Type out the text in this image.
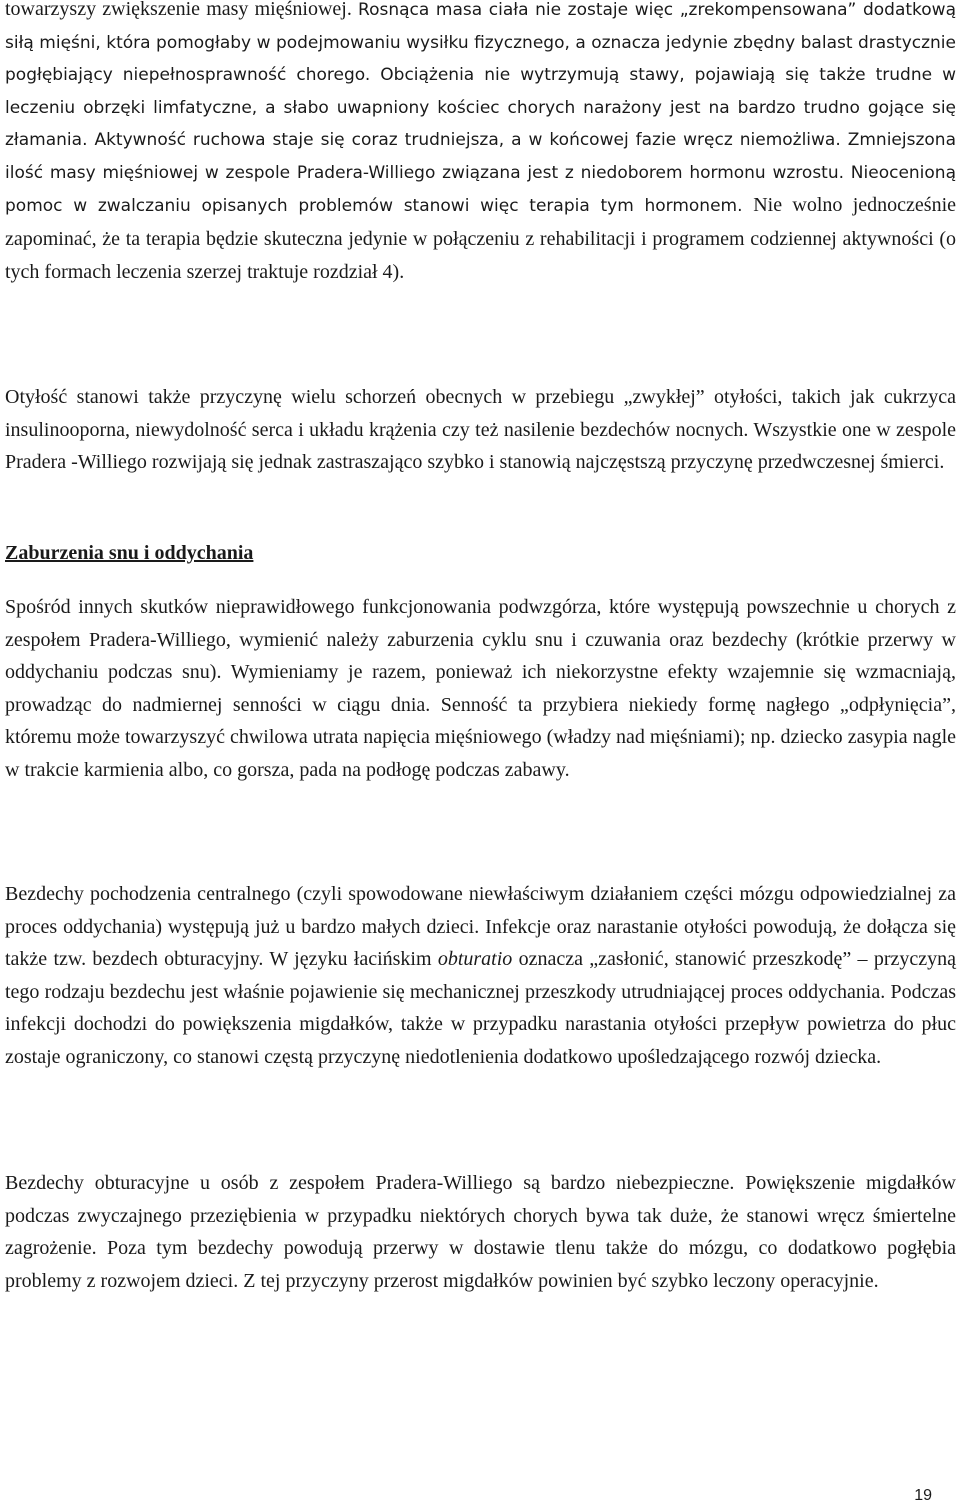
towarzyszy zwiększenie masy mięśniowej. Rosnąca masa ciała nie zostaje więc „zrekompensowana” dodatkową siłą mięśni, która pomogłaby w podejmowaniu wysiłku fizycznego, a oznacza jedynie zbędny balast drastycznie pogłębiający niepełnosprawność chorego. Obciążenia nie wytrzymują stawy, pojawiają się także trudne w leczeniu obrzęki limfatyczne, a słabo uwapniony kościec chorych narażony jest na bardzo trudno gojące się złamania. Aktywność ruchowa staje się coraz trudniejsza, a w końcowej fazie wręcz niemożliwa. Zmniejszona ilość masy mięśniowej w zespole Pradera-Williego związana jest z niedoborem hormonu wzrostu. Nieocenioną pomoc w zwalczaniu opisanych problemów stanowi więc terapia tym hormonem. Nie wolno jednocześnie zapominać, że ta terapia będzie skuteczna jedynie w połączeniu z rehabilitacji i programem codziennej aktywności (o tych formach leczenia szerzej traktuje rozdział 4).

Otyłość stanowi także przyczynę wielu schorzeń obecnych w przebiegu „zwykłej” otyłości, takich jak cukrzyca insulinooporna, niewydolność serca i układu krążenia czy też nasilenie bezdechów nocnych. Wszystkie one w zespole Pradera -Williego rozwijają się jednak zastraszająco szybko i stanowią najczęstszą przyczynę przedwczesnej śmierci.

Zaburzenia snu i oddychania

Spośród innych skutków nieprawidłowego funkcjonowania podwzgórza, które występują powszechnie u chorych z zespołem Pradera-Williego, wymienić należy zaburzenia cyklu snu i czuwania oraz bezdechy (krótkie przerwy w oddychaniu podczas snu). Wymieniamy je razem, ponieważ ich niekorzystne efekty wzajemnie się wzmacniają, prowadząc do nadmiernej senności w ciągu dnia. Senność ta przybiera niekiedy formę nagłego „odpłynięcia”, któremu może towarzyszyć chwilowa utrata napięcia mięśniowego (władzy nad mięśniami); np. dziecko zasypia nagle w trakcie karmienia albo, co gorsza, pada na podłogę podczas zabawy.

Bezdechy pochodzenia centralnego (czyli spowodowane niewłaściwym działaniem części mózgu odpowiedzialnej za proces oddychania) występują już u bardzo małych dzieci. Infekcje oraz narastanie otyłości powodują, że dołącza się także tzw. bezdech obturacyjny. W języku łacińskim obturatio oznacza „zasłonić, stanowić przeszkodę” – przyczyną tego rodzaju bezdechu jest właśnie pojawienie się mechanicznej przeszkody utrudniającej proces oddychania. Podczas infekcji dochodzi do powiększenia migdałków, także w przypadku narastania otyłości przepływ powietrza do płuc zostaje ograniczony, co stanowi częstą przyczynę niedotlenienia dodatkowo upośledzającego rozwój dziecka.

Bezdechy obturacyjne u osób z zespołem Pradera-Williego są bardzo niebezpieczne. Powiększenie migdałków podczas zwyczajnego przeziębienia w przypadku niektórych chorych bywa tak duże, że stanowi wręcz śmiertelne zagrożenie. Poza tym bezdechy powodują przerwy w dostawie tlenu także do mózgu, co dodatkowo pogłębia problemy z rozwojem dzieci. Z tej przyczyny przerost migdałków powinien być szybko leczony operacyjnie.

19
